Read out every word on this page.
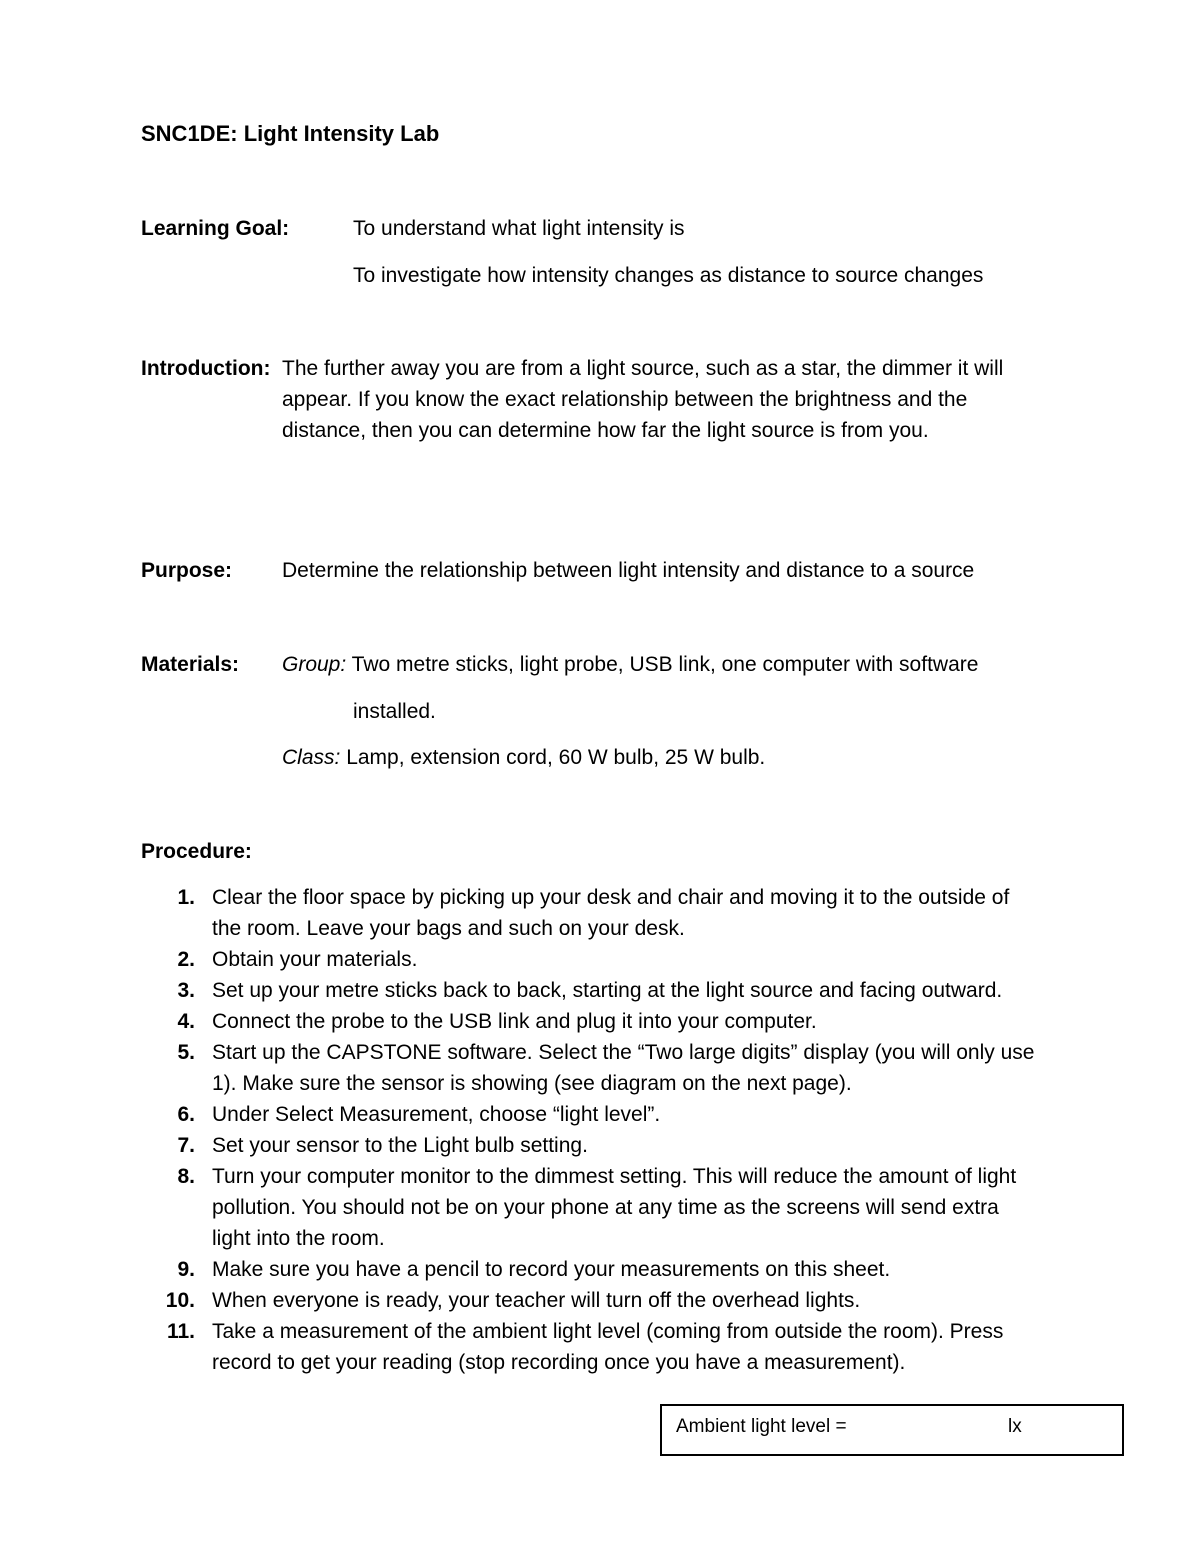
SNC1DE: Light Intensity Lab
Learning Goal:	To understand what light intensity is
To investigate how intensity changes as distance to source changes
Introduction: The further away you are from a light source, such as a star, the dimmer it will
appear. If you know the exact relationship between the brightness and the
distance, then you can determine how far the light source is from you.
Purpose: Determine the relationship between light intensity and distance to a source
Materials: Group: Two metre sticks, light probe, USB link, one computer with software
installed.
Class: Lamp, extension cord, 60 W bulb, 25 W bulb.
Procedure:
1. Clear the floor space by picking up your desk and chair and moving it to the outside of
the room. Leave your bags and such on your desk.
2. Obtain your materials.
3. Set up your metre sticks back to back, starting at the light source and facing outward.
4. Connect the probe to the USB link and plug it into your computer.
5. Start up the CAPSTONE software. Select the “Two large digits” display (you will only use
1). Make sure the sensor is showing (see diagram on the next page).
6. Under Select Measurement, choose “light level”.
7. Set your sensor to the Light bulb setting.
8. Turn your computer monitor to the dimmest setting. This will reduce the amount of light
pollution. You should not be on your phone at any time as the screens will send extra
light into the room.
9. Make sure you have a pencil to record your measurements on this sheet.
10. When everyone is ready, your teacher will turn off the overhead lights.
11. Take a measurement of the ambient light level (coming from outside the room). Press
record to get your reading (stop recording once you have a measurement).
Ambient light level =	lx
